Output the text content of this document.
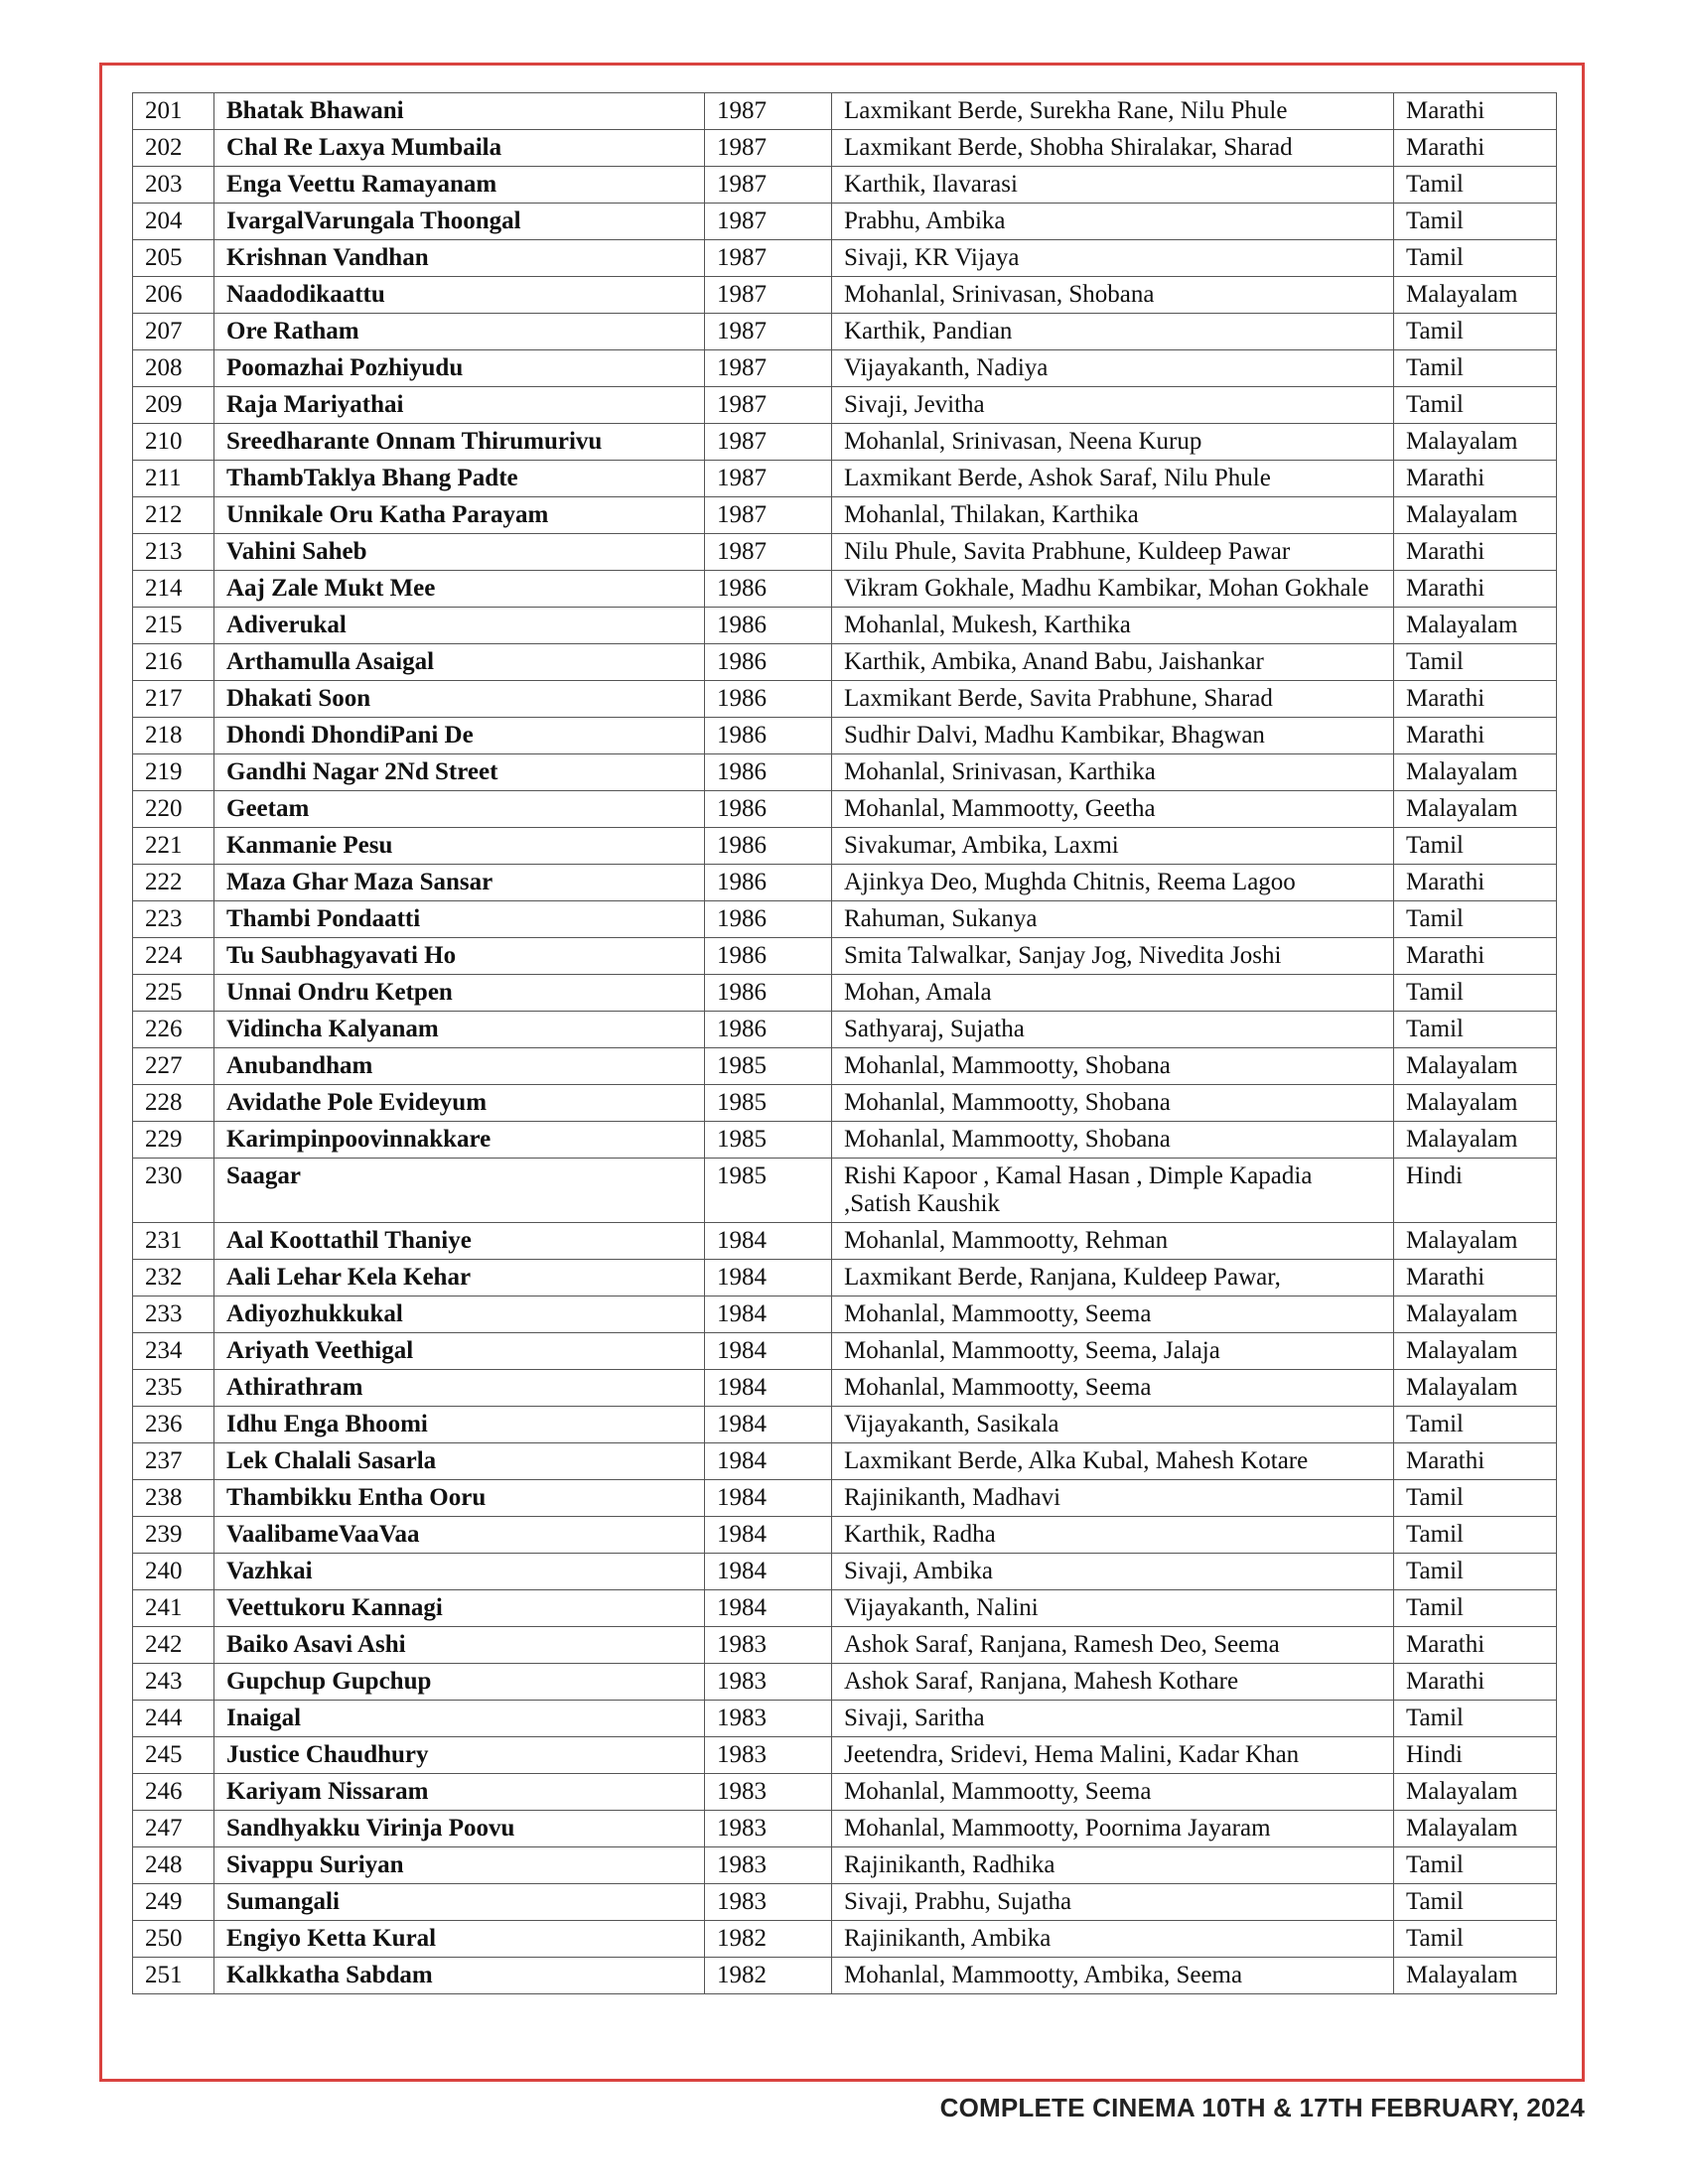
201	Bhatak Bhawani	1987	Laxmikant Berde, Surekha Rane, Nilu Phule	Marathi
202	Chal Re Laxya Mumbaila	1987	Laxmikant Berde, Shobha Shiralakar, Sharad	Marathi
203	Enga Veettu Ramayanam	1987	Karthik, Ilavarasi	Tamil
204	IvargalVarungala Thoongal	1987	Prabhu, Ambika	Tamil
205	Krishnan Vandhan	1987	Sivaji, KR Vijaya	Tamil
206	Naadodikaattu	1987	Mohanlal, Srinivasan, Shobana	Malayalam
207	Ore Ratham	1987	Karthik, Pandian	Tamil
208	Poomazhai Pozhiyudu	1987	Vijayakanth, Nadiya	Tamil
209	Raja Mariyathai	1987	Sivaji, Jevitha	Tamil
210	Sreedharante Onnam Thirumurivu	1987	Mohanlal, Srinivasan, Neena Kurup	Malayalam
211	ThambTaklya Bhang Padte	1987	Laxmikant Berde, Ashok Saraf, Nilu Phule	Marathi
212	Unnikale Oru Katha Parayam	1987	Mohanlal, Thilakan, Karthika	Malayalam
213	Vahini Saheb	1987	Nilu Phule, Savita Prabhune, Kuldeep Pawar	Marathi
214	Aaj Zale Mukt Mee	1986	Vikram Gokhale, Madhu Kambikar, Mohan Gokhale	Marathi
215	Adiverukal	1986	Mohanlal, Mukesh, Karthika	Malayalam
216	Arthamulla Asaigal	1986	Karthik, Ambika, Anand Babu, Jaishankar	Tamil
217	Dhakati Soon	1986	Laxmikant Berde, Savita Prabhune, Sharad	Marathi
218	Dhondi DhondiPani De	1986	Sudhir Dalvi, Madhu Kambikar, Bhagwan	Marathi
219	Gandhi Nagar 2Nd Street	1986	Mohanlal, Srinivasan, Karthika	Malayalam
220	Geetam	1986	Mohanlal, Mammootty, Geetha	Malayalam
221	Kanmanie Pesu	1986	Sivakumar, Ambika, Laxmi	Tamil
222	Maza Ghar Maza Sansar	1986	Ajinkya Deo, Mughda Chitnis, Reema Lagoo	Marathi
223	Thambi Pondaatti	1986	Rahuman, Sukanya	Tamil
224	Tu Saubhagyavati Ho	1986	Smita Talwalkar, Sanjay Jog, Nivedita Joshi	Marathi
225	Unnai Ondru Ketpen	1986	Mohan, Amala	Tamil
226	Vidincha Kalyanam	1986	Sathyaraj, Sujatha	Tamil
227	Anubandham	1985	Mohanlal, Mammootty, Shobana	Malayalam
228	Avidathe Pole Evideyum	1985	Mohanlal, Mammootty, Shobana	Malayalam
229	Karimpinpoovinnakkare	1985	Mohanlal, Mammootty, Shobana	Malayalam
230	Saagar	1985	Rishi Kapoor , Kamal Hasan , Dimple Kapadia ,Satish Kaushik	Hindi
231	Aal Koottathil Thaniye	1984	Mohanlal, Mammootty, Rehman	Malayalam
232	Aali Lehar Kela Kehar	1984	Laxmikant Berde, Ranjana, Kuldeep Pawar,	Marathi
233	Adiyozhukkukal	1984	Mohanlal, Mammootty, Seema	Malayalam
234	Ariyath Veethigal	1984	Mohanlal, Mammootty, Seema, Jalaja	Malayalam
235	Athirathram	1984	Mohanlal, Mammootty, Seema	Malayalam
236	Idhu Enga Bhoomi	1984	Vijayakanth, Sasikala	Tamil
237	Lek Chalali Sasarla	1984	Laxmikant Berde, Alka Kubal, Mahesh Kotare	Marathi
238	Thambikku Entha Ooru	1984	Rajinikanth, Madhavi	Tamil
239	VaalibameVaaVaa	1984	Karthik, Radha	Tamil
240	Vazhkai	1984	Sivaji, Ambika	Tamil
241	Veettukoru Kannagi	1984	Vijayakanth, Nalini	Tamil
242	Baiko Asavi Ashi	1983	Ashok Saraf, Ranjana, Ramesh Deo, Seema	Marathi
243	Gupchup Gupchup	1983	Ashok Saraf, Ranjana, Mahesh Kothare	Marathi
244	Inaigal	1983	Sivaji, Saritha	Tamil
245	Justice Chaudhury	1983	Jeetendra, Sridevi, Hema Malini, Kadar Khan	Hindi
246	Kariyam Nissaram	1983	Mohanlal, Mammootty, Seema	Malayalam
247	Sandhyakku Virinja Poovu	1983	Mohanlal, Mammootty, Poornima Jayaram	Malayalam
248	Sivappu Suriyan	1983	Rajinikanth, Radhika	Tamil
249	Sumangali	1983	Sivaji, Prabhu, Sujatha	Tamil
250	Engiyo Ketta Kural	1982	Rajinikanth, Ambika	Tamil
251	Kalkkatha Sabdam	1982	Mohanlal, Mammootty, Ambika, Seema	Malayalam
COMPLETE CINEMA 10TH & 17TH FEBRUARY, 2024
